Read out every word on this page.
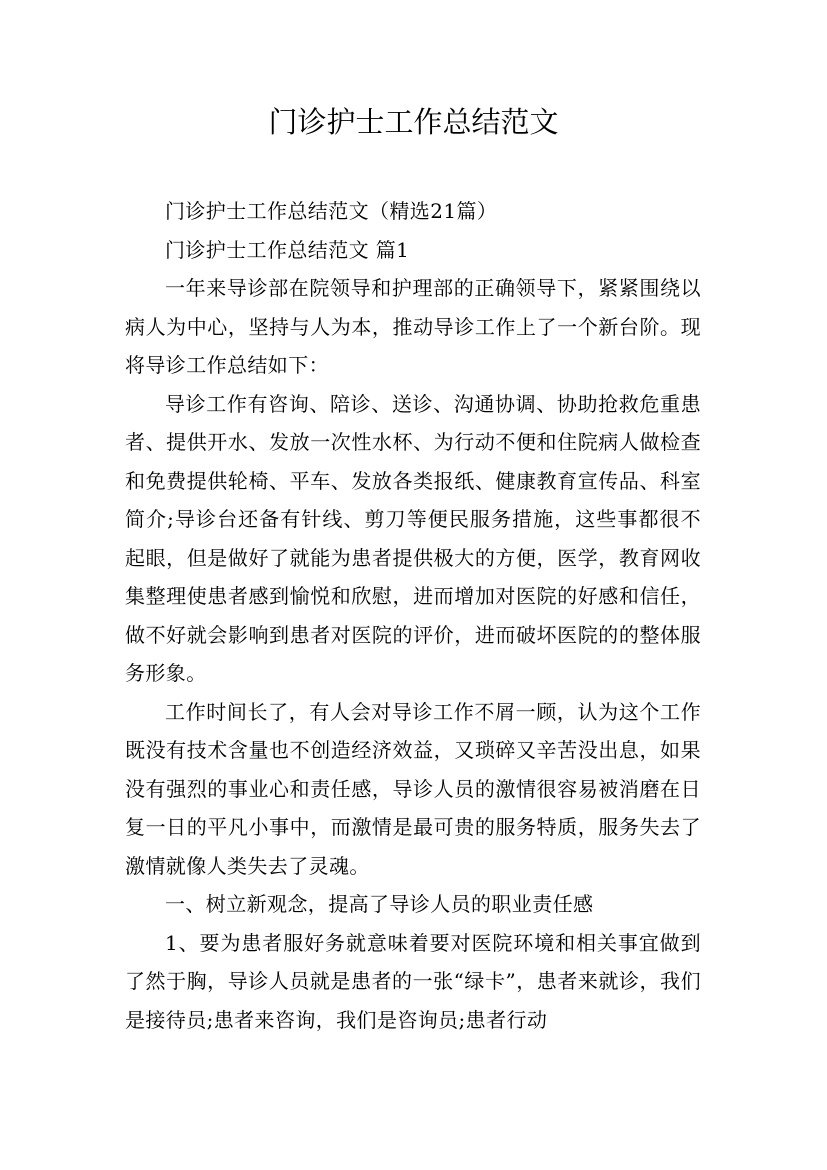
门诊护士工作总结范文

门诊护士工作总结范文（精选21篇）

门诊护士工作总结范文 篇1

一年来导诊部在院领导和护理部的正确领导下，紧紧围绕以病人为中心，坚持与人为本，推动导诊工作上了一个新台阶。现将导诊工作总结如下：

导诊工作有咨询、陪诊、送诊、沟通协调、协助抢救危重患者、提供开水、发放一次性水杯、为行动不便和住院病人做检查和免费提供轮椅、平车、发放各类报纸、健康教育宣传品、科室简介;导诊台还备有针线、剪刀等便民服务措施，这些事都很不起眼，但是做好了就能为患者提供极大的方便，医学，教育网收集整理使患者感到愉悦和欣慰，进而增加对医院的好感和信任，做不好就会影响到患者对医院的评价，进而破坏医院的的整体服务形象。

工作时间长了，有人会对导诊工作不屑一顾，认为这个工作既没有技术含量也不创造经济效益，又琐碎又辛苦没出息，如果没有强烈的事业心和责任感，导诊人员的激情很容易被消磨在日复一日的平凡小事中，而激情是最可贵的服务特质，服务失去了激情就像人类失去了灵魂。

一、树立新观念，提高了导诊人员的职业责任感

1、要为患者服好务就意味着要对医院环境和相关事宜做到了然于胸，导诊人员就是患者的一张“绿卡”，患者来就诊，我们是接待员;患者来咨询，我们是咨询员;患者行动
